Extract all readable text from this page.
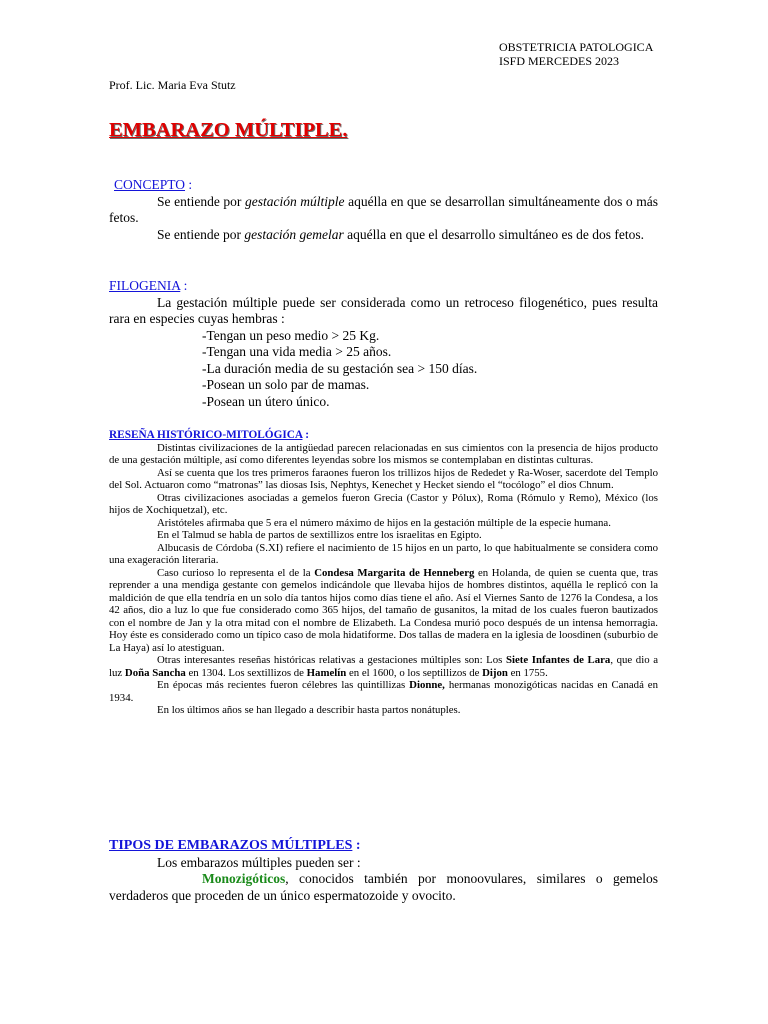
OBSTETRICIA PATOLOGICA
ISFD MERCEDES 2023
Prof. Lic. Maria Eva Stutz
EMBARAZO MÚLTIPLE.
CONCEPTO :

Se entiende por gestación múltiple aquélla en que se desarrollan simultáneamente dos o más fetos.

Se entiende por gestación gemelar aquélla en que el desarrollo simultáneo es de dos fetos.

FILOGENIA :

La gestación múltiple puede ser considerada como un retroceso filogenético, pues resulta rara en especies cuyas hembras :

-Tengan un peso medio > 25 Kg.
-Tengan una vida media > 25 años.
-La duración media de su gestación sea > 150 días.
-Posean un solo par de mamas.
-Posean un útero único.
RESEÑA HISTÓRICO-MITOLÓGICA :

Distintas civilizaciones de la antigüedad parecen relacionadas en sus cimientos con la presencia de hijos producto de una gestación múltiple, así como diferentes leyendas sobre los mismos se contemplaban en distintas culturas.

Así se cuenta que los tres primeros faraones fueron los trillizos hijos de Rededet y Ra-Woser, sacerdote del Templo del Sol. Actuaron como “matronas” las diosas Isis, Nephtys, Kenechet y Hecket siendo el “tocólogo” el dios Chnum.

Otras civilizaciones asociadas a gemelos fueron Grecia (Castor y Pólux), Roma (Rómulo y Remo), México (los hijos de Xochiquetzal), etc.

Aristóteles afirmaba que 5 era el número máximo de hijos en la gestación múltiple de la especie humana.

En el Talmud se habla de partos de sextillizos entre los israelitas en Egipto.

Albucasis de Córdoba (S.XI) refiere el nacimiento de 15 hijos en un parto, lo que habitualmente se considera como una exageración literaria.

Caso curioso lo representa el de la Condesa Margarita de Henneberg en Holanda, de quien se cuenta que, tras reprender a una mendiga gestante con gemelos indicándole que llevaba hijos de hombres distintos, aquélla le replicó con la maldición de que ella tendría en un solo día tantos hijos como días tiene el año. Así el Viernes Santo de 1276 la Condesa, a los 42 años, dio a luz lo que fue considerado como 365 hijos, del tamaño de gusanitos, la mitad de los cuales fueron bautizados con el nombre de Jan y la otra mitad con el nombre de Elizabeth. La Condesa murió poco después de un intensa hemorragia. Hoy éste es considerado como un típico caso de mola hidatiforme. Dos tallas de madera en la iglesia de loosdinen (suburbio de La Haya) así lo atestiguan.

Otras interesantes reseñas históricas relativas a gestaciones múltiples son: Los Siete Infantes de Lara, que dio a luz Doña Sancha en 1304. Los sextillizos de Hamelín en el 1600, o los septillizos de Dijon en 1755.

En épocas más recientes fueron célebres las quintillizas Dionne, hermanas monozigóticas nacidas en Canadá en 1934.

En los últimos años se han llegado a describir hasta partos nonátuples.

TIPOS DE EMBARAZOS MÚLTIPLES :

Los embarazos múltiples pueden ser :

Monozigóticos, conocidos también por monoovulares, similares o gemelos verdaderos que proceden de un único espermatozoide y ovocito.
